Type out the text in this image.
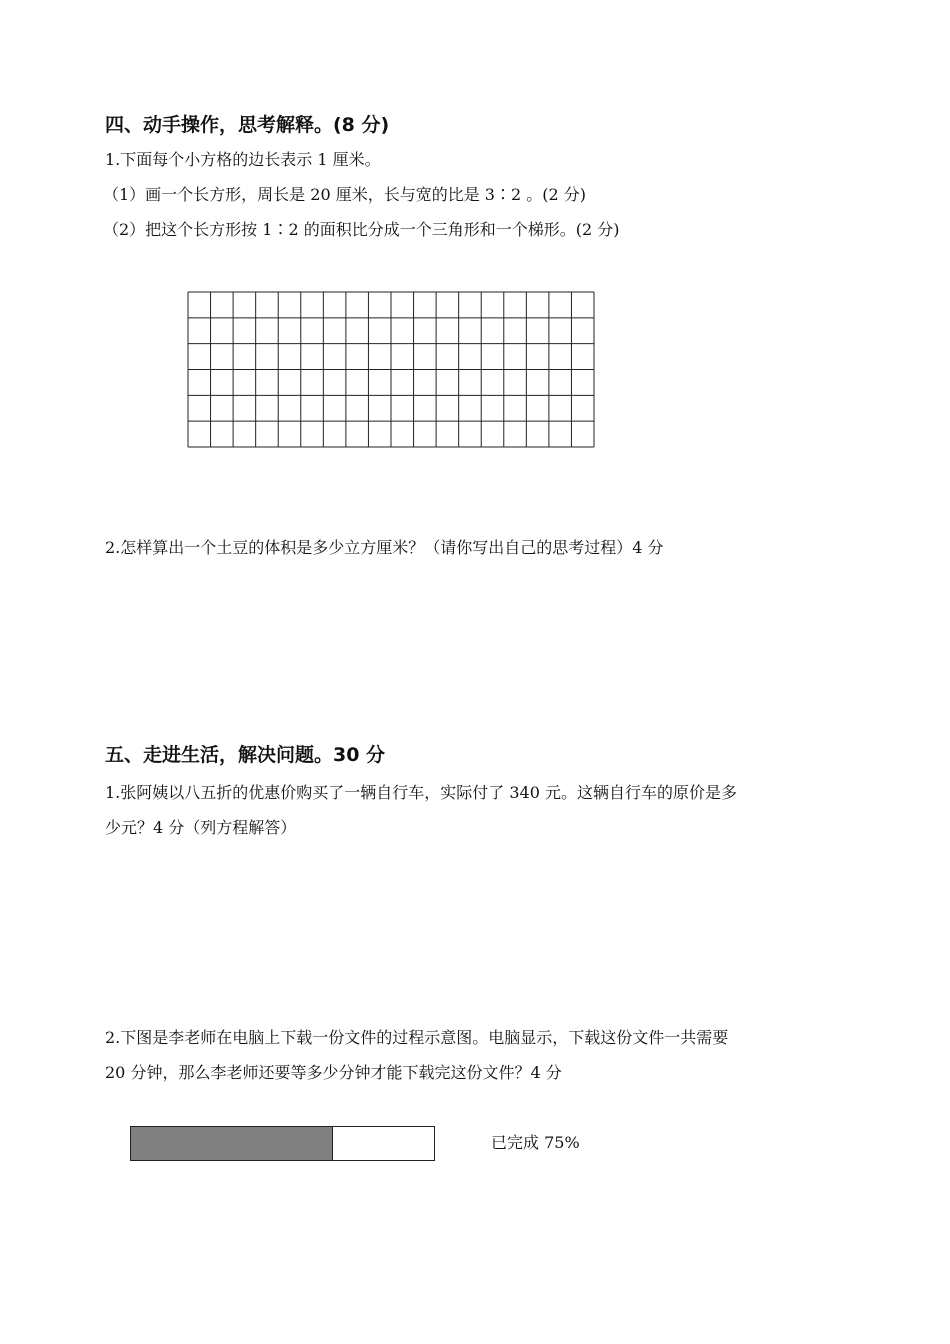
四、动手操作，思考解释。(8 分)
1.下面每个小方格的边长表示 1 厘米。
（1）画一个长方形，周长是 20 厘米，长与宽的比是 3∶2 。(2 分)
（2）把这个长方形按 1∶2 的面积比分成一个三角形和一个梯形。(2 分)
2.怎样算出一个土豆的体积是多少立方厘米？（请你写出自己的思考过程）4 分
五、走进生活，解决问题。30 分
1.张阿姨以八五折的优惠价购买了一辆自行车，实际付了 340 元。这辆自行车的原价是多
少元？4 分（列方程解答）
2.下图是李老师在电脑上下载一份文件的过程示意图。电脑显示，下载这份文件一共需要
20 分钟，那么李老师还要等多少分钟才能下载完这份文件？4 分
已完成 75%
